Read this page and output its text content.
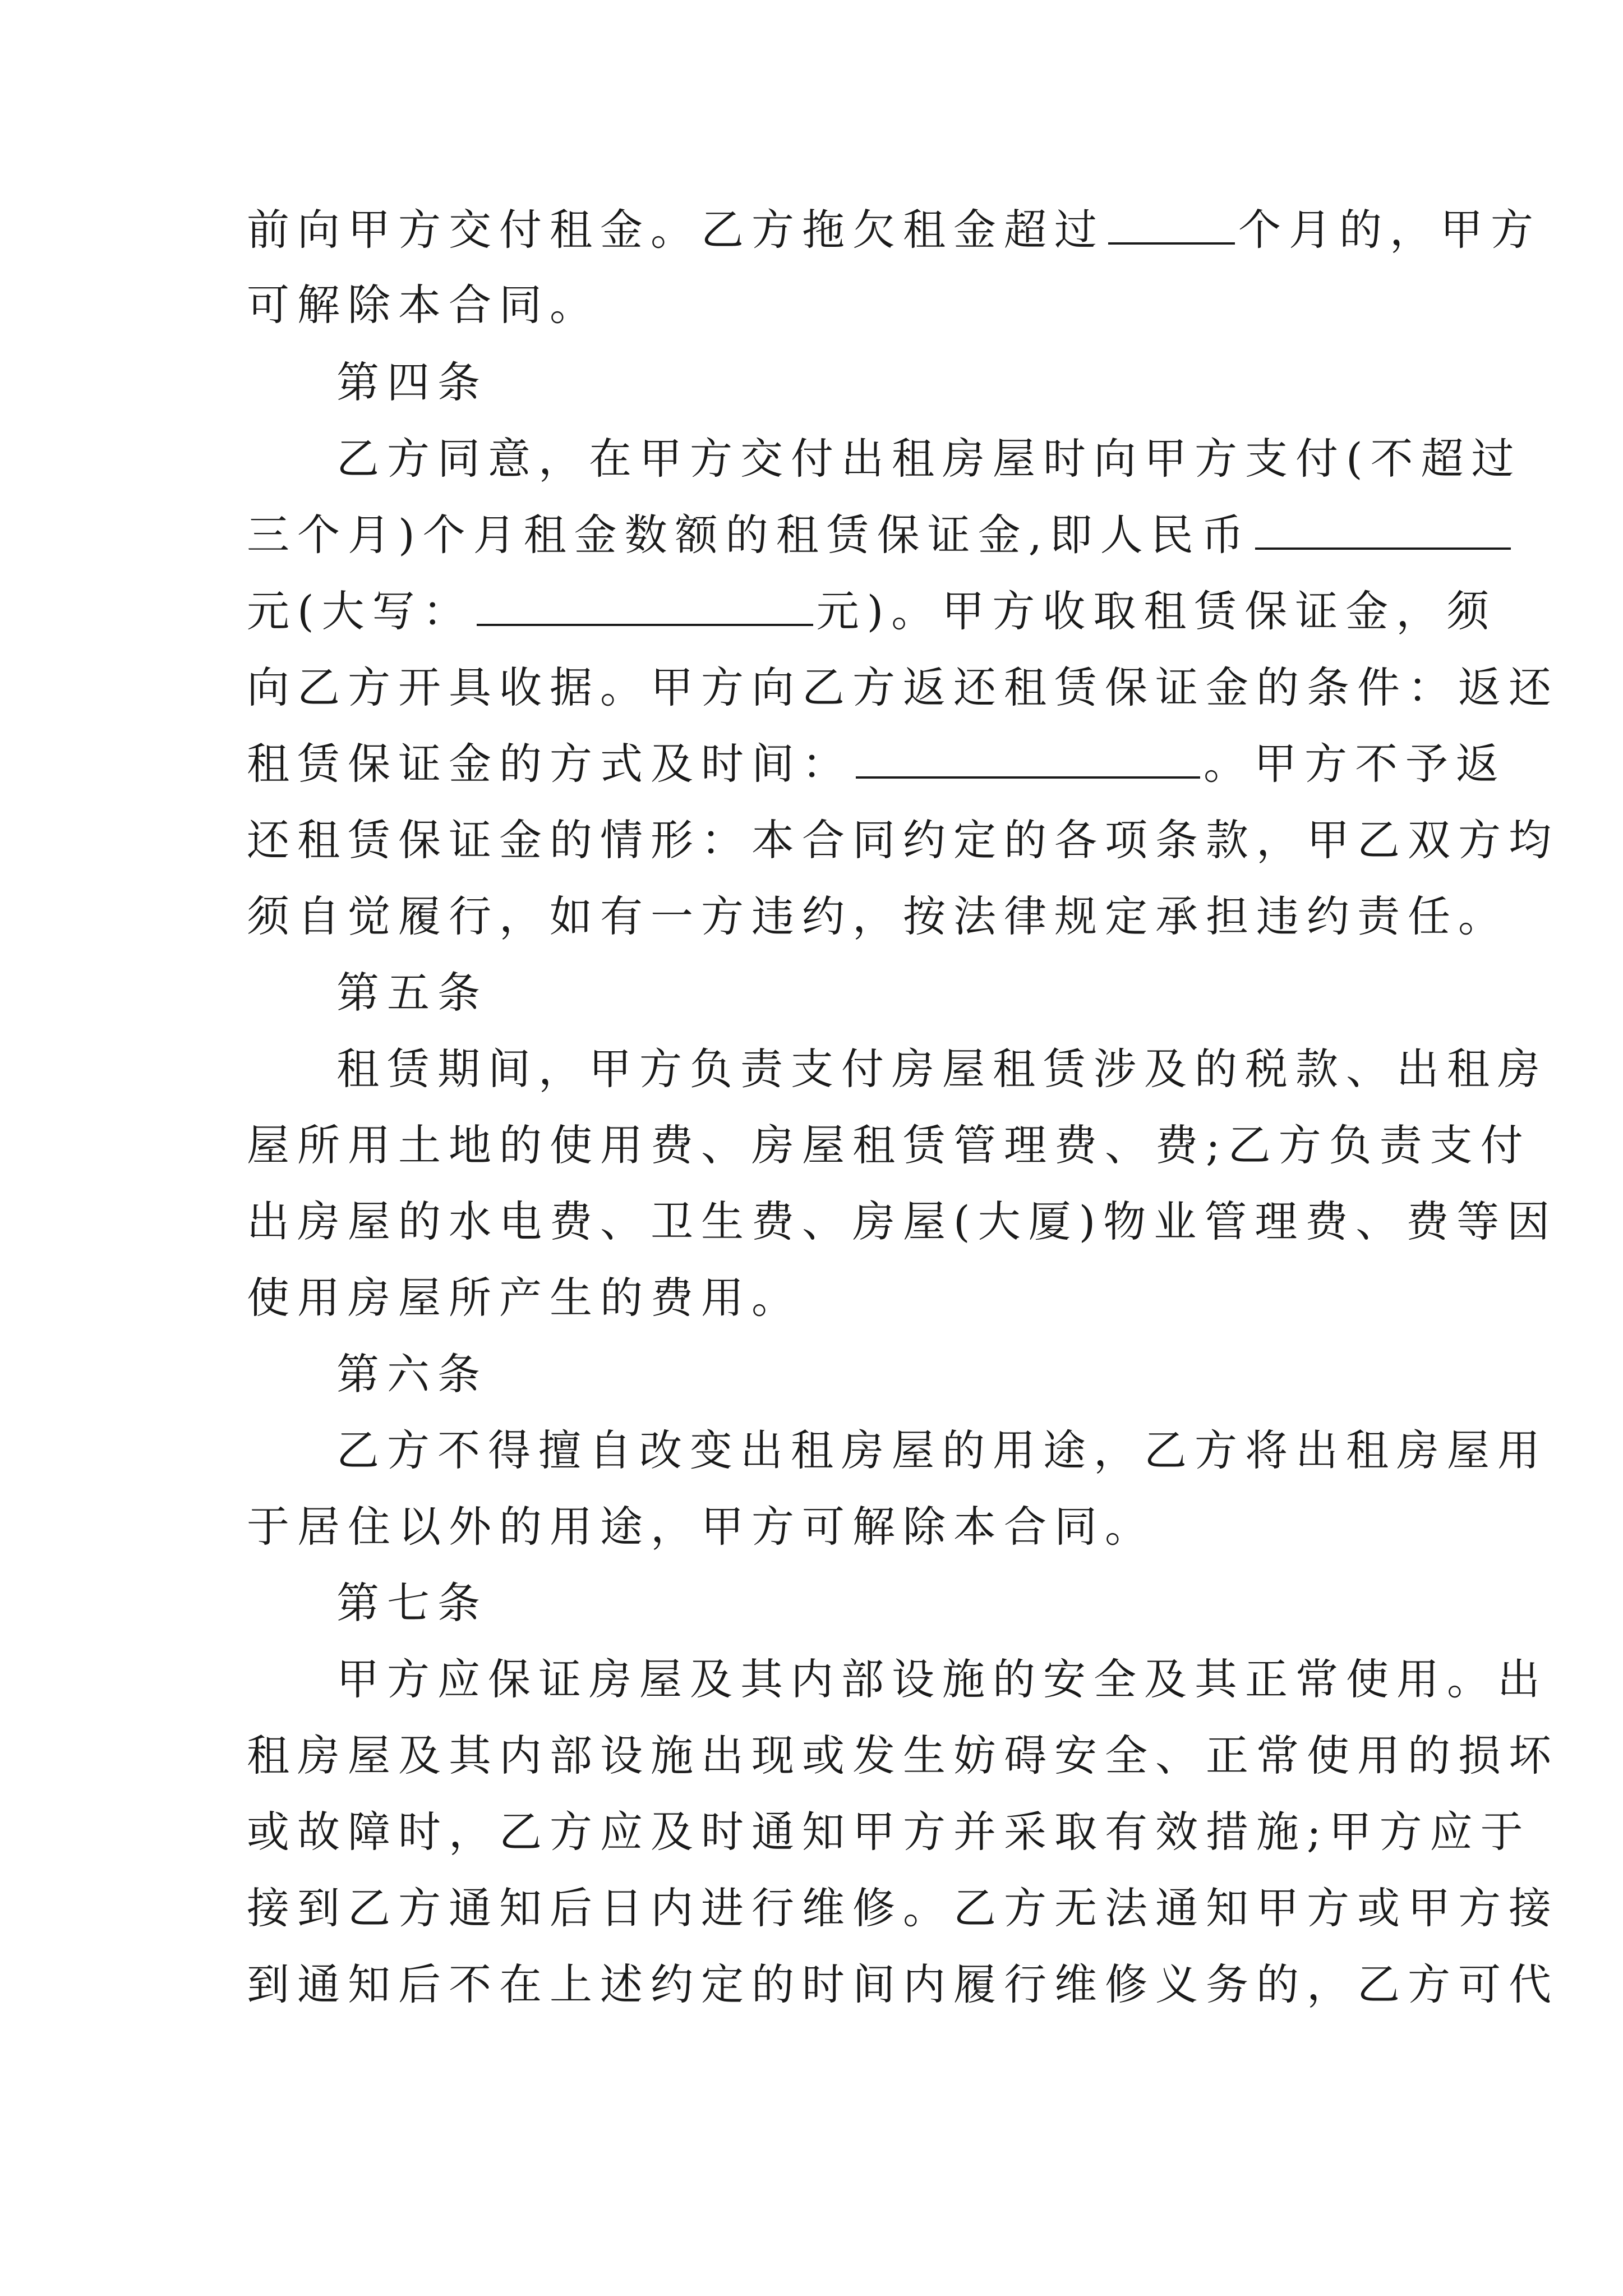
前向甲方交付租金。乙方拖欠租金超过	个月的，甲方
可解除本合同。
第四条
乙方同意，在甲方交付出租房屋时向甲方支付(不超过
三个月)个月租金数额的租赁保证金,即人民币
元(大写：	元)。甲方收取租赁保证金，须
向乙方开具收据。甲方向乙方返还租赁保证金的条件：返还
租赁保证金的方式及时间：	。甲方不予返
还租赁保证金的情形：本合同约定的各项条款，甲乙双方均
须自觉履行，如有一方违约，按法律规定承担违约责任。
第五条
租赁期间，甲方负责支付房屋租赁涉及的税款、出租房
屋所用土地的使用费、房屋租赁管理费、费;乙方负责支付
出房屋的水电费、卫生费、房屋(大厦)物业管理费、费等因
使用房屋所产生的费用。
第六条
乙方不得擅自改变出租房屋的用途，乙方将出租房屋用
于居住以外的用途，甲方可解除本合同。
第七条
甲方应保证房屋及其内部设施的安全及其正常使用。出
租房屋及其内部设施出现或发生妨碍安全、正常使用的损坏
或故障时，乙方应及时通知甲方并采取有效措施;甲方应于
接到乙方通知后日内进行维修。乙方无法通知甲方或甲方接
到通知后不在上述约定的时间内履行维修义务的，乙方可代
